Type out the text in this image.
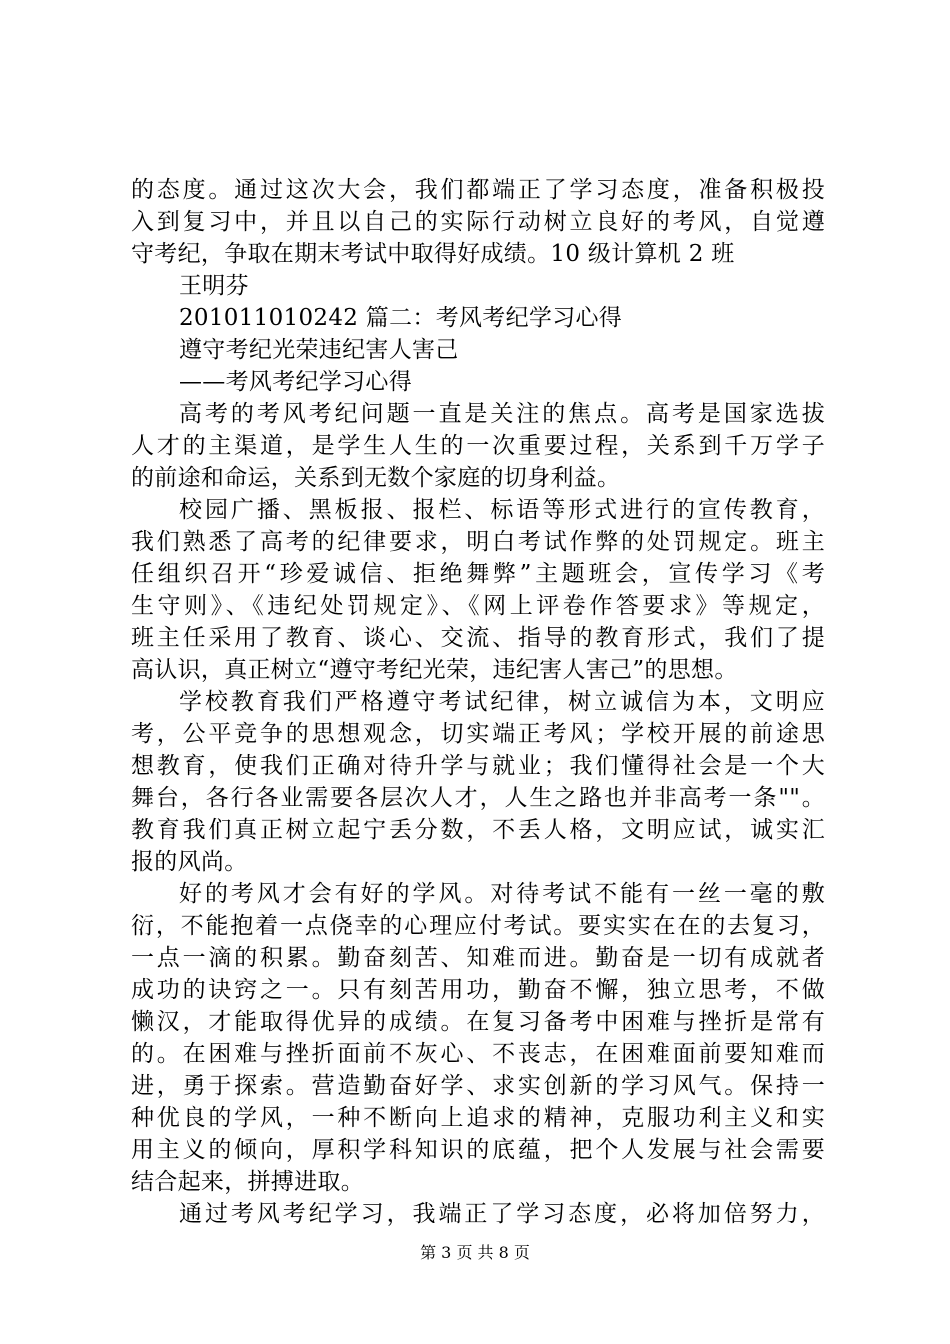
的态度。通过这次大会，我们都端正了学习态度，准备积极投
入到复习中，并且以自己的实际行动树立良好的考风，自觉遵
守考纪，争取在期末考试中取得好成绩。10 级计算机 2 班
王明芬
201011010242 篇二：考风考纪学习心得
遵守考纪光荣违纪害人害己
——考风考纪学习心得
高考的考风考纪问题一直是关注的焦点。高考是国家选拔
人才的主渠道，是学生人生的一次重要过程，关系到千万学子
的前途和命运，关系到无数个家庭的切身利益。
校园广播、黑板报、报栏、标语等形式进行的宣传教育，
我们熟悉了高考的纪律要求，明白考试作弊的处罚规定。班主
任组织召开“珍爱诚信、拒绝舞弊”主题班会，宣传学习《考
生守则》、《违纪处罚规定》、《网上评卷作答要求》等规定，
班主任采用了教育、谈心、交流、指导的教育形式，我们了提
高认识，真正树立“遵守考纪光荣，违纪害人害己”的思想。
学校教育我们严格遵守考试纪律，树立诚信为本，文明应
考，公平竞争的思想观念，切实端正考风；学校开展的前途思
想教育，使我们正确对待升学与就业；我们懂得社会是一个大
舞台，各行各业需要各层次人才，人生之路也并非高考一条""。
教育我们真正树立起宁丢分数，不丢人格，文明应试，诚实汇
报的风尚。
好的考风才会有好的学风。对待考试不能有一丝一毫的敷
衍，不能抱着一点侥幸的心理应付考试。要实实在在的去复习，
一点一滴的积累。勤奋刻苦、知难而进。勤奋是一切有成就者
成功的诀窍之一。只有刻苦用功，勤奋不懈，独立思考，不做
懒汉，才能取得优异的成绩。在复习备考中困难与挫折是常有
的。在困难与挫折面前不灰心、不丧志，在困难面前要知难而
进，勇于探索。营造勤奋好学、求实创新的学习风气。保持一
种优良的学风，一种不断向上追求的精神，克服功利主义和实
用主义的倾向，厚积学科知识的底蕴，把个人发展与社会需要
结合起来，拼搏进取。
通过考风考纪学习，我端正了学习态度，必将加倍努力，
第 3 页 共 8 页
